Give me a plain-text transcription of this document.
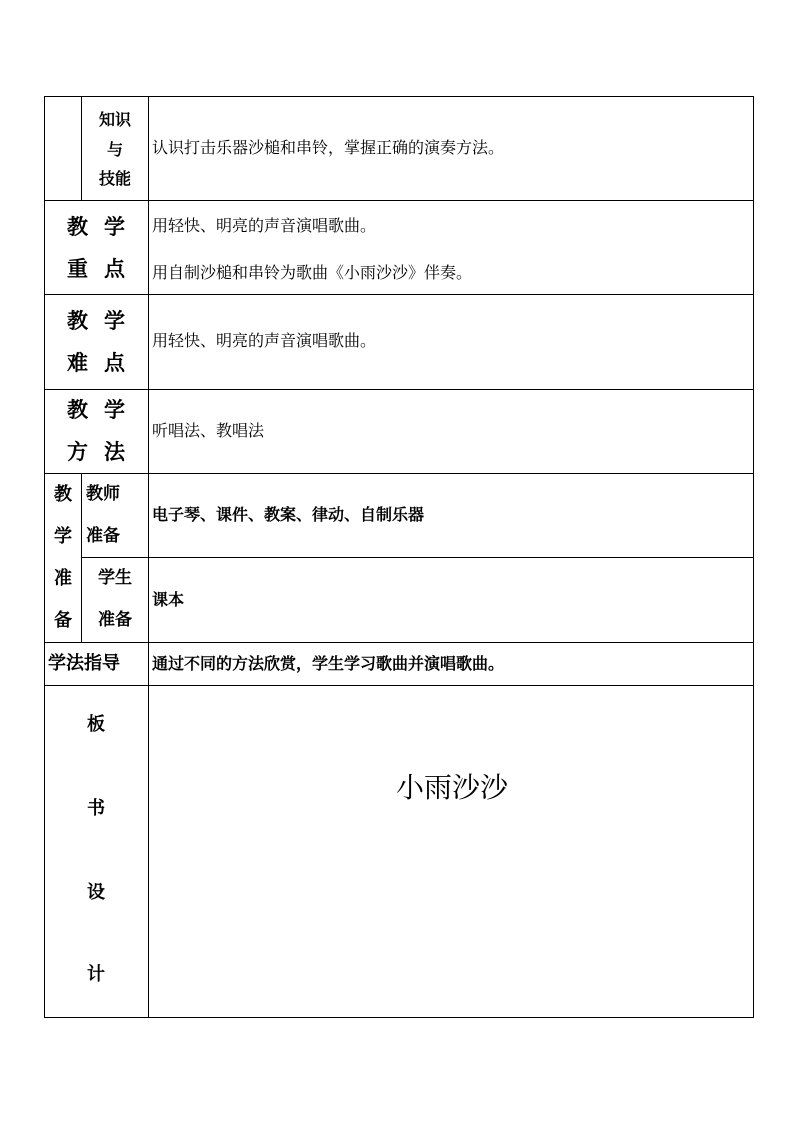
知识
与
技能
认识打击乐器沙槌和串铃，掌握正确的演奏方法。
教学
重点
用轻快、明亮的声音演唱歌曲。
用自制沙槌和串铃为歌曲《小雨沙沙》伴奏。
教学
难点
用轻快、明亮的声音演唱歌曲。
教学
方法
听唱法、教唱法
教
学
准
备
教师
准备
电子琴、课件、教案、律动、自制乐器
学生
准备
课本
学法指导 通过不同的方法欣赏，学生学习歌曲并演唱歌曲。
板
书
设
计
小雨沙沙
